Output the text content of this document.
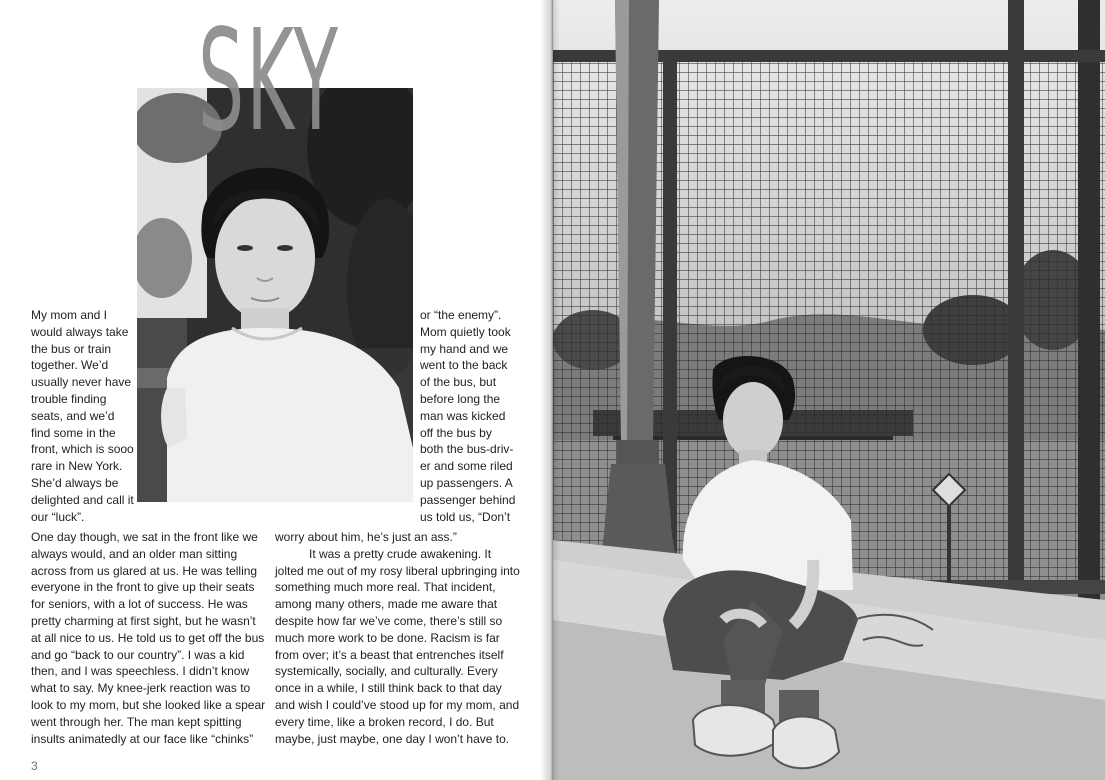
SKY

My mom and I would always take the bus or train together. We’d usually never have trouble finding seats, and we’d find some in the front, which is sooo rare in New York. She’d always be delighted and call it our “luck”.

or “the enemy”. Mom quietly took my hand and we went to the back of the bus, but before long the man was kicked off the bus by both the bus-driv-er and some riled up passengers. A passenger behind us told us, “Don’t

One day though, we sat in the front like we always would, and an older man sitting across from us glared at us. He was telling everyone in the front to give up their seats for seniors, with a lot of success. He was pretty charming at first sight, but he wasn’t at all nice to us. He told us to get off the bus and go “back to our country”. I was a kid then, and I was speechless. I didn’t know what to say. My knee-jerk reaction was to look to my mom, but she looked like a spear went through her. The man kept spitting insults animatedly at our face like “chinks”

worry about him, he’s just an ass.”

It was a pretty crude awakening. It jolted me out of my rosy liberal upbringing into something much more real. That incident, among many others, made me aware that despite how far we’ve come, there’s still so much more work to be done. Racism is far from over; it’s a beast that entrenches itself systemically, socially, and culturally. Every once in a while, I still think back to that day and wish I could’ve stood up for my mom, and every time, like a broken record, I do. But maybe, just maybe, one day I won’t have to.

3
